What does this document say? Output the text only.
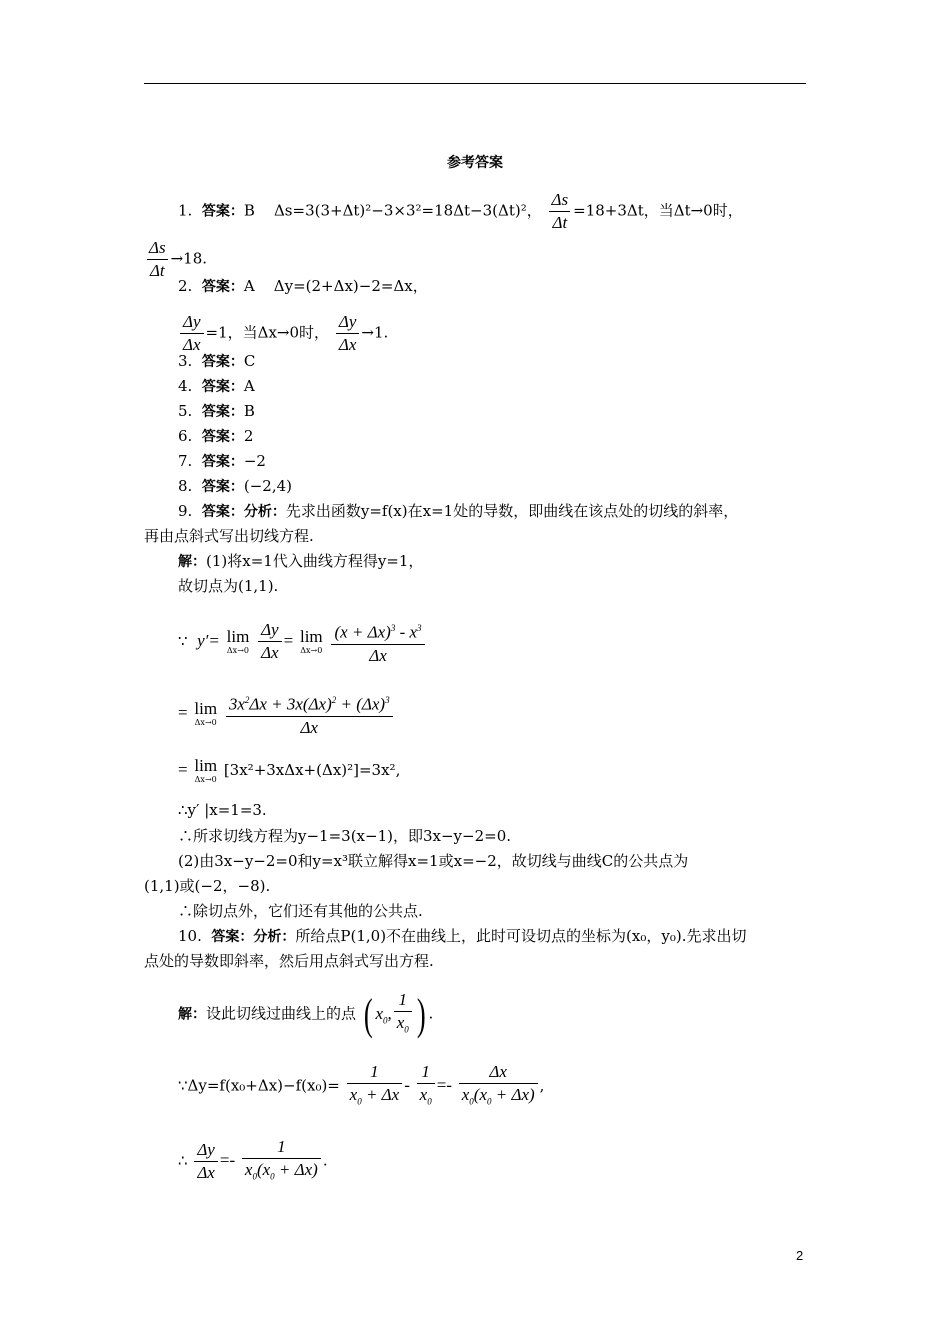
参考答案
1. 答案：B Δs=3(3+Δt)²−3×3²=18Δt−3(Δt)²， $\frac{\Delta s}{\Delta t} =18+3\Delta t$，当Δt→0时，
$\frac{\Delta s}{\Delta t} \to 18$.
2. 答案：A Δy=(2+Δx)−2=Δx，
$\frac{\Delta y}{\Delta x} =1$，当Δx→0时， $\frac{\Delta y}{\Delta x} \to 1$.
3. 答案：C
4. 答案：A
5. 答案：B
6. 答案：2
7. 答案：−2
8. 答案：(−2,4)
9. 答案：分析：先求出函数y=f(x)在x=1处的导数，即曲线在该点处的切线的斜率，
再由点斜式写出切线方程.
解：(1)将x=1代入曲线方程得y=1，
故切点为(1,1).
∵ y′= lim
Δx→0
$\frac{\Delta y}{\Delta x} = \lim$
Δx→0
$\frac{(x + \Delta x)^3 - x^3}{\Delta x}$
= lim
Δx→0
$\frac{3x^2\Delta x + 3x(\Delta x)^2 + (\Delta x)^3}{\Delta x}$
= lim
Δx→0
[3x²+3xΔx+(Δx)²]=3x²,
∴y′ |x=1=3.
∴所求切线方程为y−1=3(x−1)，即3x−y−2=0.
(2)由3x−y−2=0和y=x³联立解得x=1或x=−2，故切线与曲线C的公共点为
(1,1)或(−2，−8).
∴除切点外，它们还有其他的公共点.
10. 答案：分析：所给点P(1,0)不在曲线上，此时可设切点的坐标为(x₀，y₀).先求出切
点处的导数即斜率，然后用点斜式写出方程.
解：设此切线过曲线上的点 ( $x_0$, $\frac{1}{x_0}$ ) .
∵Δy=f(x₀+Δx)−f(x₀)= $\frac{1}{x_0 + \Delta x} - \frac{1}{x_0} =- \frac{\Delta x}{x_0(x_0 + \Delta x)}$ ,
∴ $\frac{\Delta y}{\Delta x} =- \frac{1}{x_0(x_0 + \Delta x)}$ .
2
